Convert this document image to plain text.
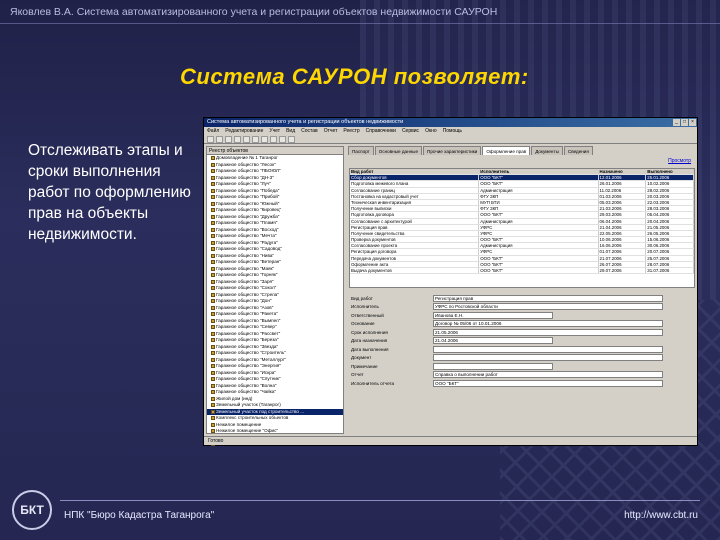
Яковлев В.А. Система автоматизированного учета и регистрации объектов недвижимости САУРОН
Система САУРОН позволяет:
Отслеживать этапы и сроки выполнения работ по оформлению прав на объекты недвижимости.
Система автоматизированного учета и регистрации объектов недвижимости	_	□	×
Файл Редактирование Учет Вид Состав Отчет Реестр Справочники Сервис Окно Помощь
Реестр объектов
Домовладение № 1 Таганрог
Гаражное общество "Лесок"
Гаражное общество "ПБОЮЛ"
Гаражное общество "ДН-3"
Гаражное общество "Луч"
Гаражное общество "Победа"
Гаражное общество "Прибой"
Гаражное общество "Южный"
Гаражное общество "Кировец"
Гаражное общество "Дружба"
Гаражное общество "Пламя"
Гаражное общество "Восход"
Гаражное общество "Мечта"
Гаражное общество "Радуга"
Гаражное общество "Садовод"
Гаражное общество "Нива"
Гаражное общество "Ветеран"
Гаражное общество "Маяк"
Гаражное общество "Горняк"
Гаражное общество "Заря"
Гаражное общество "Сокол"
Гаражное общество "Стрела"
Гаражное общество "Дон"
Гаражное общество "Азов"
Гаражное общество "Ракета"
Гаражное общество "Вымпел"
Гаражное общество "Север"
Гаражное общество "Рассвет"
Гаражное общество "Береза"
Гаражное общество "Звезда"
Гаражное общество "Строитель"
Гаражное общество "Металлург"
Гаражное общество "Энергия"
Гаражное общество "Искра"
Гаражное общество "Спутник"
Гаражное общество "Волна"
Гаражное общество "Чайка"
Жилой дом (инд)
Земельный участок (Таганрог)
Земельный участок под строительство ...
Комплекс строительных объектов
Нежилое помещение
Нежилое помещение "Офис"
Паспорт	Основные данные	Прочие характеристики	Оформление прав	Документы	Сведения
Просмотр
Вид работ	Исполнитель	Назначено	Выполнено
Сбор документов	ООО "БКТ"	12.01.2006	25.01.2006
Подготовка межевого плана	ООО "БКТ"	26.01.2006	10.02.2006
Согласование границ	Администрация	11.02.2006	28.02.2006
Постановка на кадастровый учет	ФГУ ЗКП	01.03.2006	20.03.2006
Техническая инвентаризация	МУП БТИ	05.03.2006	22.03.2006
Получение выписки	ФГУ ЗКП	21.03.2006	28.03.2006
Подготовка договора	ООО "БКТ"	29.03.2006	05.04.2006
Согласование с архитектурой	Администрация	06.04.2006	20.04.2006
Регистрация прав	УФРС	21.04.2006	21.05.2006
Получение свидетельства	УФРС	22.05.2006	26.05.2006
Проверка документов	ООО "БКТ"	10.06.2006	15.06.2006
Согласование проекта	Администрация	16.06.2006	30.06.2006
Регистрация договора	УФРС	01.07.2006	20.07.2006
Передача документов	ООО "БКТ"	21.07.2006	25.07.2006
Оформление акта	ООО "БКТ"	26.07.2006	28.07.2006
Выдача документов	ООО "БКТ"	29.07.2006	31.07.2006
Вид работ	Регистрация прав
Исполнитель	УФРС по Ростовской области
Ответственный	Иванова Е.Н.
Основание	Договор № 05/06 от 10.01.2006
Срок исполнения	21.05.2006
Дата назначения	21.04.2006
Дата выполнения
Документ
Примечание
Отчет	Справка о выполнении работ
Исполнитель отчета	ООО "БКТ"
Готово
БКТ	НПК "Бюро Кадастра Таганрога"	http://www.cbt.ru
